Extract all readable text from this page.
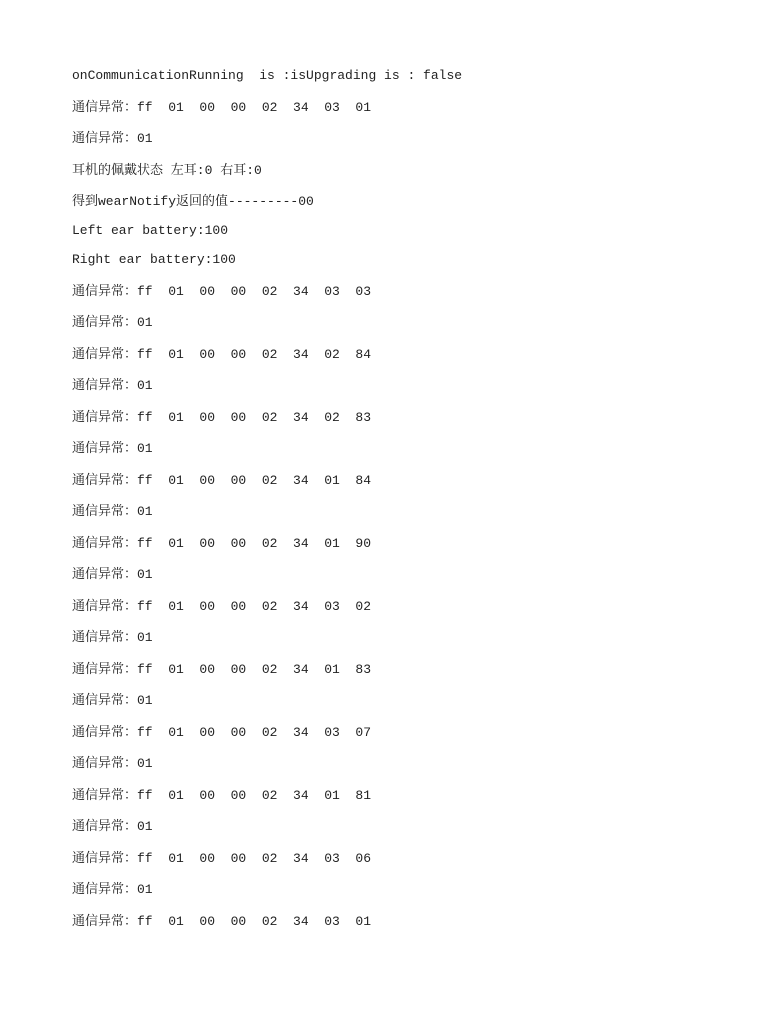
onCommunicationRunning  is :isUpgrading is : false
通信异常：ff  01  00  00  02  34  03  01
通信异常：01
耳机的佩戴状态 左耳:0 右耳:0
得到wearNotify返回的值---------00
Left ear battery:100
Right ear battery:100
通信异常：ff  01  00  00  02  34  03  03
通信异常：01
通信异常：ff  01  00  00  02  34  02  84
通信异常：01
通信异常：ff  01  00  00  02  34  02  83
通信异常：01
通信异常：ff  01  00  00  02  34  01  84
通信异常：01
通信异常：ff  01  00  00  02  34  01  90
通信异常：01
通信异常：ff  01  00  00  02  34  03  02
通信异常：01
通信异常：ff  01  00  00  02  34  01  83
通信异常：01
通信异常：ff  01  00  00  02  34  03  07
通信异常：01
通信异常：ff  01  00  00  02  34  01  81
通信异常：01
通信异常：ff  01  00  00  02  34  03  06
通信异常：01
通信异常：ff  01  00  00  02  34  03  01
